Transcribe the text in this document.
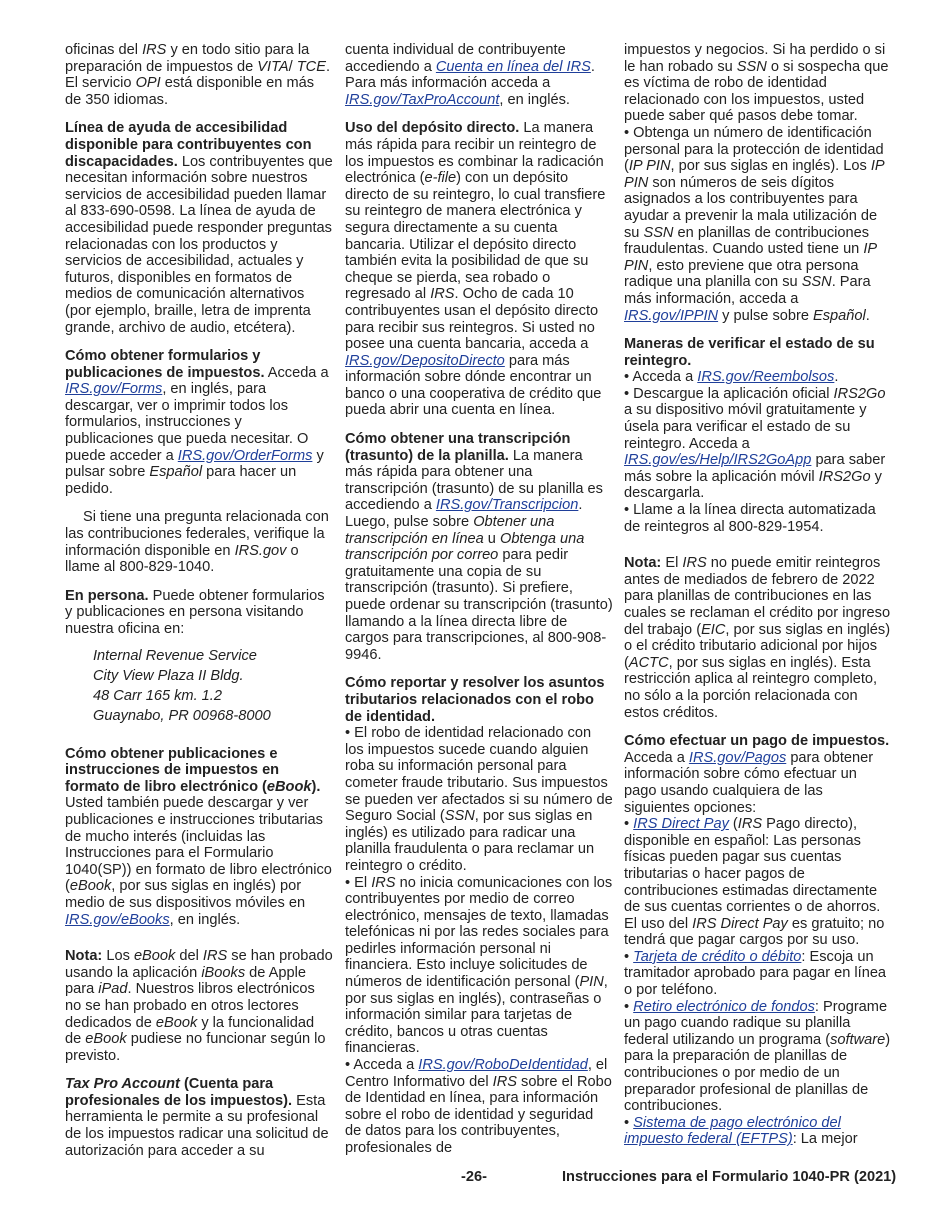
oficinas del IRS y en todo sitio para la preparación de impuestos de VITA/ TCE. El servicio OPI está disponible en más de 350 idiomas.

Línea de ayuda de accesibilidad disponible para contribuyentes con discapacidades. Los contribuyentes que necesitan información sobre nuestros servicios de accesibilidad pueden llamar al 833-690-0598. La línea de ayuda de accesibilidad puede responder preguntas relacionadas con los productos y servicios de accesibilidad, actuales y futuros, disponibles en formatos de medios de comunicación alternativos (por ejemplo, braille, letra de imprenta grande, archivo de audio, etcétera).

Cómo obtener formularios y publicaciones de impuestos. Acceda a IRS.gov/Forms, en inglés, para descargar, ver o imprimir todos los formularios, instrucciones y publicaciones que pueda necesitar. O puede acceder a IRS.gov/OrderForms y pulsar sobre Español para hacer un pedido.

Si tiene una pregunta relacionada con las contribuciones federales, verifique la información disponible en IRS.gov o llame al 800-829-1040.

En persona. Puede obtener formularios y publicaciones en persona visitando nuestra oficina en:

Internal Revenue Service
City View Plaza II Bldg.
48 Carr 165 km. 1.2
Guaynabo, PR 00968-8000

Cómo obtener publicaciones e instrucciones de impuestos en formato de libro electrónico (eBook). Usted también puede descargar y ver publicaciones e instrucciones tributarias de mucho interés (incluidas las Instrucciones para el Formulario 1040(SP)) en formato de libro electrónico (eBook, por sus siglas en inglés) por medio de sus dispositivos móviles en IRS.gov/eBooks, en inglés.

Nota: Los eBook del IRS se han probado usando la aplicación iBooks de Apple para iPad. Nuestros libros electrónicos no se han probado en otros lectores dedicados de eBook y la funcionalidad de eBook pudiese no funcionar según lo previsto.

Tax Pro Account (Cuenta para profesionales de los impuestos). Esta herramienta le permite a su profesional de los impuestos radicar una solicitud de autorización para acceder a su

cuenta individual de contribuyente accediendo a Cuenta en línea del IRS. Para más información acceda a IRS.gov/TaxProAccount, en inglés.

Uso del depósito directo. La manera más rápida para recibir un reintegro de los impuestos es combinar la radicación electrónica (e-file) con un depósito directo de su reintegro, lo cual transfiere su reintegro de manera electrónica y segura directamente a su cuenta bancaria. Utilizar el depósito directo también evita la posibilidad de que su cheque se pierda, sea robado o regresado al IRS. Ocho de cada 10 contribuyentes usan el depósito directo para recibir sus reintegros. Si usted no posee una cuenta bancaria, acceda a IRS.gov/DepositoDirecto para más información sobre dónde encontrar un banco o una cooperativa de crédito que pueda abrir una cuenta en línea.

Cómo obtener una transcripción (trasunto) de la planilla. La manera más rápida para obtener una transcripción (trasunto) de su planilla es accediendo a IRS.gov/Transcripcion. Luego, pulse sobre Obtener una transcripción en línea u Obtenga una transcripción por correo para pedir gratuitamente una copia de su transcripción (trasunto). Si prefiere, puede ordenar su transcripción (trasunto) llamando a la línea directa libre de cargos para transcripciones, al 800-908-9946.

Cómo reportar y resolver los asuntos tributarios relacionados con el robo de identidad.

• El robo de identidad relacionado con los impuestos sucede cuando alguien roba su información personal para cometer fraude tributario. Sus impuestos se pueden ver afectados si su número de Seguro Social (SSN, por sus siglas en inglés) es utilizado para radicar una planilla fraudulenta o para reclamar un reintegro o crédito.

• El IRS no inicia comunicaciones con los contribuyentes por medio de correo electrónico, mensajes de texto, llamadas telefónicas ni por las redes sociales para pedirles información personal ni financiera. Esto incluye solicitudes de números de identificación personal (PIN, por sus siglas en inglés), contraseñas o información similar para tarjetas de crédito, bancos u otras cuentas financieras.

• Acceda a IRS.gov/RoboDeIdentidad, el Centro Informativo del IRS sobre el Robo de Identidad en línea, para información sobre el robo de identidad y seguridad de datos para los contribuyentes, profesionales de

impuestos y negocios. Si ha perdido o si le han robado su SSN o si sospecha que es víctima de robo de identidad relacionado con los impuestos, usted puede saber qué pasos debe tomar.

• Obtenga un número de identificación personal para la protección de identidad (IP PIN, por sus siglas en inglés). Los IP PIN son números de seis dígitos asignados a los contribuyentes para ayudar a prevenir la mala utilización de su SSN en planillas de contribuciones fraudulentas. Cuando usted tiene un IP PIN, esto previene que otra persona radique una planilla con su SSN. Para más información, acceda a IRS.gov/IPPIN y pulse sobre Español.

Maneras de verificar el estado de su reintegro.

• Acceda a IRS.gov/Reembolsos.

• Descargue la aplicación oficial IRS2Go a su dispositivo móvil gratuitamente y úsela para verificar el estado de su reintegro. Acceda a IRS.gov/es/Help/IRS2GoApp para saber más sobre la aplicación móvil IRS2Go y descargarla.

• Llame a la línea directa automatizada de reintegros al 800-829-1954.

Nota: El IRS no puede emitir reintegros antes de mediados de febrero de 2022 para planillas de contribuciones en las cuales se reclaman el crédito por ingreso del trabajo (EIC, por sus siglas en inglés) o el crédito tributario adicional por hijos (ACTC, por sus siglas en inglés). Esta restricción aplica al reintegro completo, no sólo a la porción relacionada con estos créditos.

Cómo efectuar un pago de impuestos. Acceda a IRS.gov/Pagos para obtener información sobre cómo efectuar un pago usando cualquiera de las siguientes opciones:

• IRS Direct Pay (IRS Pago directo), disponible en español: Las personas físicas pueden pagar sus cuentas tributarias o hacer pagos de contribuciones estimadas directamente de sus cuentas corrientes o de ahorros. El uso del IRS Direct Pay es gratuito; no tendrá que pagar cargos por su uso.

• Tarjeta de crédito o débito: Escoja un tramitador aprobado para pagar en línea o por teléfono.

• Retiro electrónico de fondos: Programe un pago cuando radique su planilla federal utilizando un programa (software) para la preparación de planillas de contribuciones o por medio de un preparador profesional de planillas de contribuciones.

• Sistema de pago electrónico del impuesto federal (EFTPS): La mejor

-26-	Instrucciones para el Formulario 1040-PR (2021)
